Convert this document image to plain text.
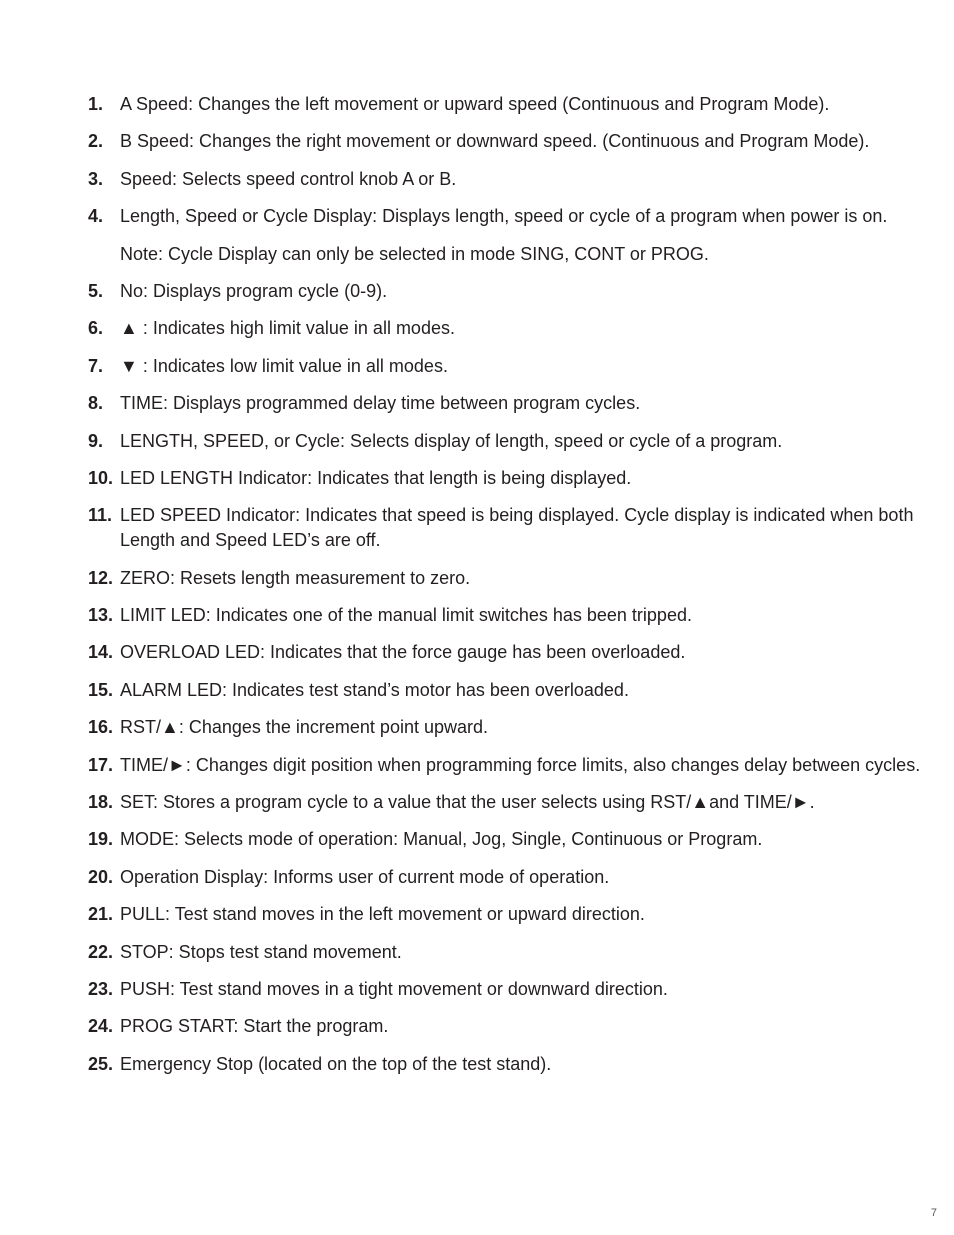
1. A Speed: Changes the left movement or upward speed (Continuous and Program Mode).
2. B Speed: Changes the right movement or downward speed. (Continuous and Program Mode).
3. Speed: Selects speed control knob A or B.
4. Length, Speed or Cycle Display: Displays length, speed or cycle of a program when power is on.
Note: Cycle Display can only be selected in mode SING, CONT or PROG.
5. No: Displays program cycle (0-9).
6. ▲ : Indicates high limit value in all modes.
7. ▼ : Indicates low limit value in all modes.
8. TIME: Displays programmed delay time between program cycles.
9. LENGTH, SPEED, or Cycle: Selects display of length, speed or cycle of a program.
10. LED LENGTH Indicator: Indicates that length is being displayed.
11. LED SPEED Indicator: Indicates that speed is being displayed. Cycle display is indicated when both Length and Speed LED’s are off.
12. ZERO: Resets length measurement to zero.
13. LIMIT LED: Indicates one of the manual limit switches has been tripped.
14. OVERLOAD LED: Indicates that the force gauge has been overloaded.
15. ALARM LED: Indicates test stand’s motor has been overloaded.
16. RST/▲: Changes the increment point upward.
17. TIME/►: Changes digit position when programming force limits, also changes delay between cycles.
18. SET: Stores a program cycle to a value that the user selects using RST/▲and TIME/►.
19. MODE: Selects mode of operation: Manual, Jog, Single, Continuous or Program.
20. Operation Display: Informs user of current mode of operation.
21. PULL: Test stand moves in the left movement or upward direction.
22. STOP: Stops test stand movement.
23. PUSH: Test stand moves in a tight movement or downward direction.
24. PROG START: Start the program.
25. Emergency Stop (located on the top of the test stand).
7
